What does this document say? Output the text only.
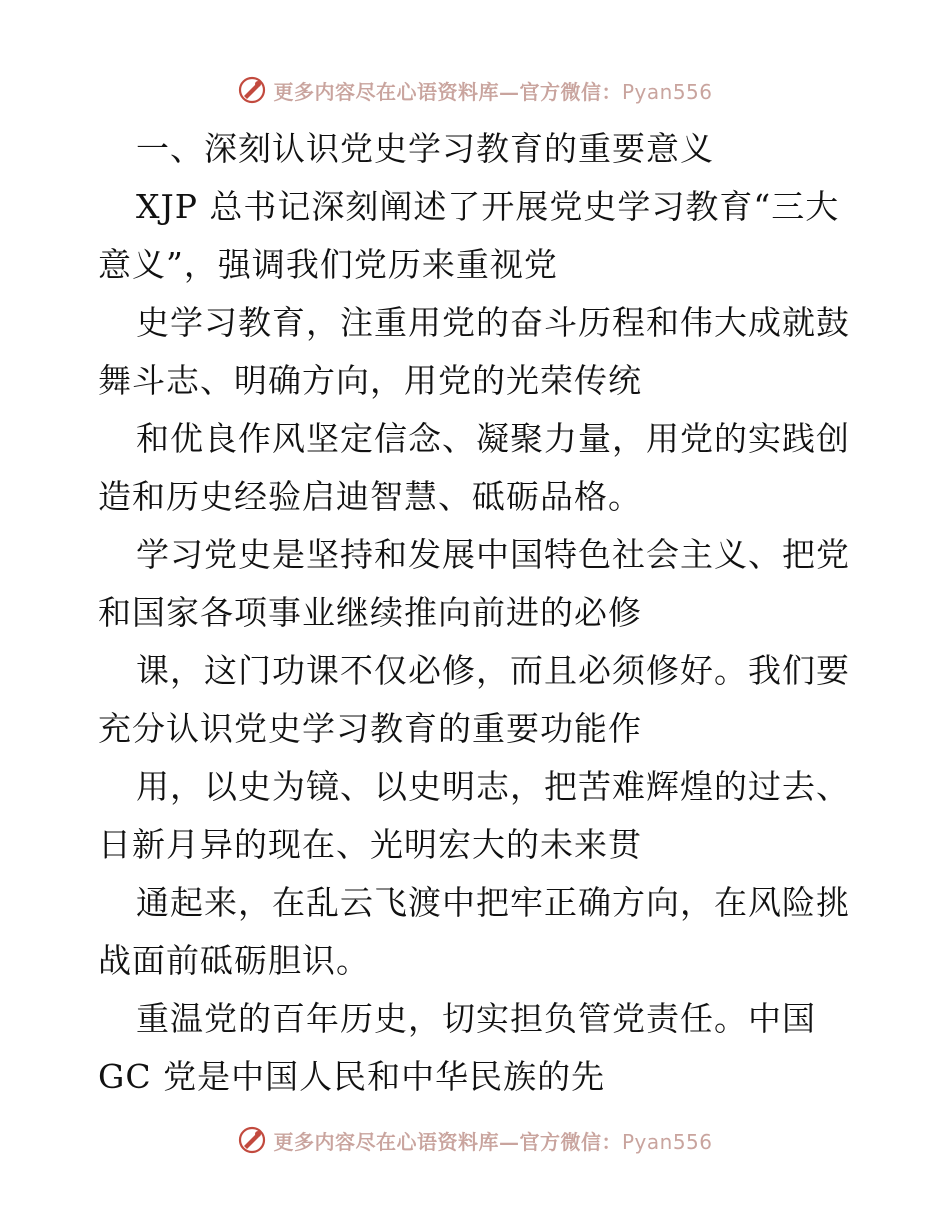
更多内容尽在心语资料库—官方微信：Pyan556
一、深刻认识党史学习教育的重要意义
XJP 总书记深刻阐述了开展党史学习教育“三大
意义”，强调我们党历来重视党
史学习教育，注重用党的奋斗历程和伟大成就鼓
舞斗志、明确方向，用党的光荣传统
和优良作风坚定信念、凝聚力量，用党的实践创
造和历史经验启迪智慧、砥砺品格。
学习党史是坚持和发展中国特色社会主义、把党
和国家各项事业继续推向前进的必修
课，这门功课不仅必修，而且必须修好。我们要
充分认识党史学习教育的重要功能作
用，以史为镜、以史明志，把苦难辉煌的过去、
日新月异的现在、光明宏大的未来贯
通起来，在乱云飞渡中把牢正确方向，在风险挑
战面前砥砺胆识。
重温党的百年历史，切实担负管党责任。中国
GC 党是中国人民和中华民族的先
更多内容尽在心语资料库—官方微信：Pyan556
